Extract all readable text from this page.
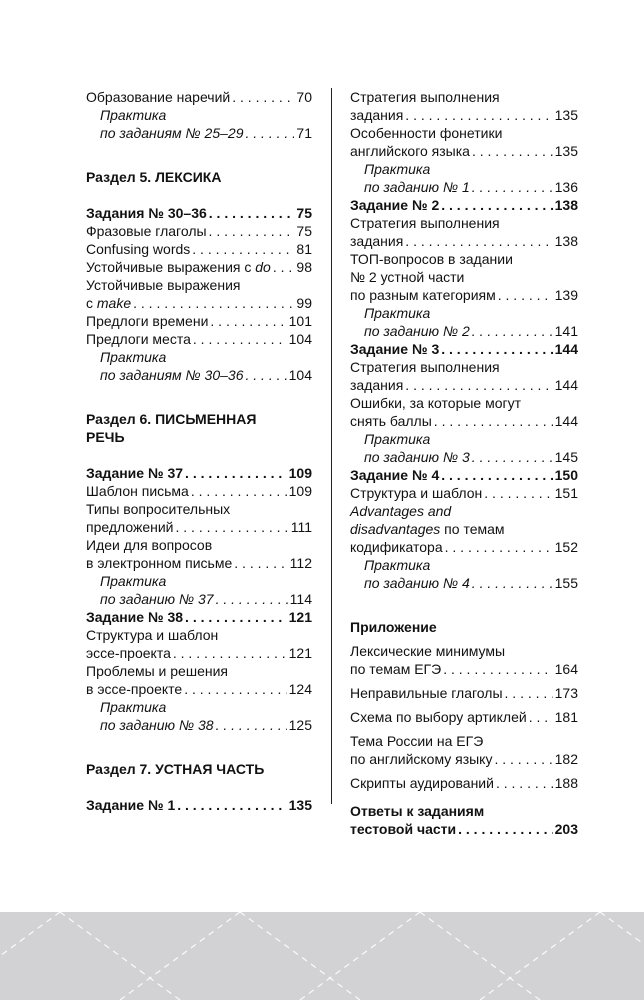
Образование наречий . . .	70
Практика
по заданиям № 25–29 . . .	71
Раздел 5. ЛЕКСИКА
Задания № 30–36 . . .	75
Фразовые глаголы . . .	75
Confusing words . . .	81
Устойчивые выражения с do . . . 98
Устойчивые выражения
с make . . .	99
Предлоги времени . . .	101
Предлоги места . . .	104
Практика
по заданиям № 30–36 . . .	104
Раздел 6. ПИСЬМЕННАЯ
РЕЧЬ
Задание № 37 . . .	109
Шаблон письма . . .	109
Типы вопросительных
предложений . . .	111
Идеи для вопросов
в электронном письме . . .	112
Практика
по заданию № 37 . . .	114
Задание № 38 . . .	121
Структура и шаблон
эссе-проекта . . .	121
Проблемы и решения
в эссе-проекте . . .	124
Практика
по заданию № 38 . . .	125
Раздел 7. УСТНАЯ ЧАСТЬ
Задание № 1 . . .	135
Стратегия выполнения
задания . . .	135
Особенности фонетики
английского языка . . .	135
Практика
по заданию № 1 . . .	136
Задание № 2 . . .	138
Стратегия выполнения
задания . . .	138
ТОП-вопросов в задании
№ 2 устной части
по разным категориям . . .	139
Практика
по заданию № 2 . . .	141
Задание № 3 . . .	144
Стратегия выполнения
задания . . .	144
Ошибки, за которые могут
снять баллы . . .	144
Практика
по заданию № 3 . . .	145
Задание № 4 . . .	150
Структура и шаблон . . .	151
Advantages and
disadvantages по темам
кодификатора . . .	152
Практика
по заданию № 4 . . .	155
Приложение
Лексические минимумы
по темам ЕГЭ . . .	164
Неправильные глаголы . . .	173
Схема по выбору артиклей . . . 181
Тема России на ЕГЭ
по английскому языку . . .	182
Скрипты аудирований . . .	188
Ответы к заданиям
тестовой части . . .	203
